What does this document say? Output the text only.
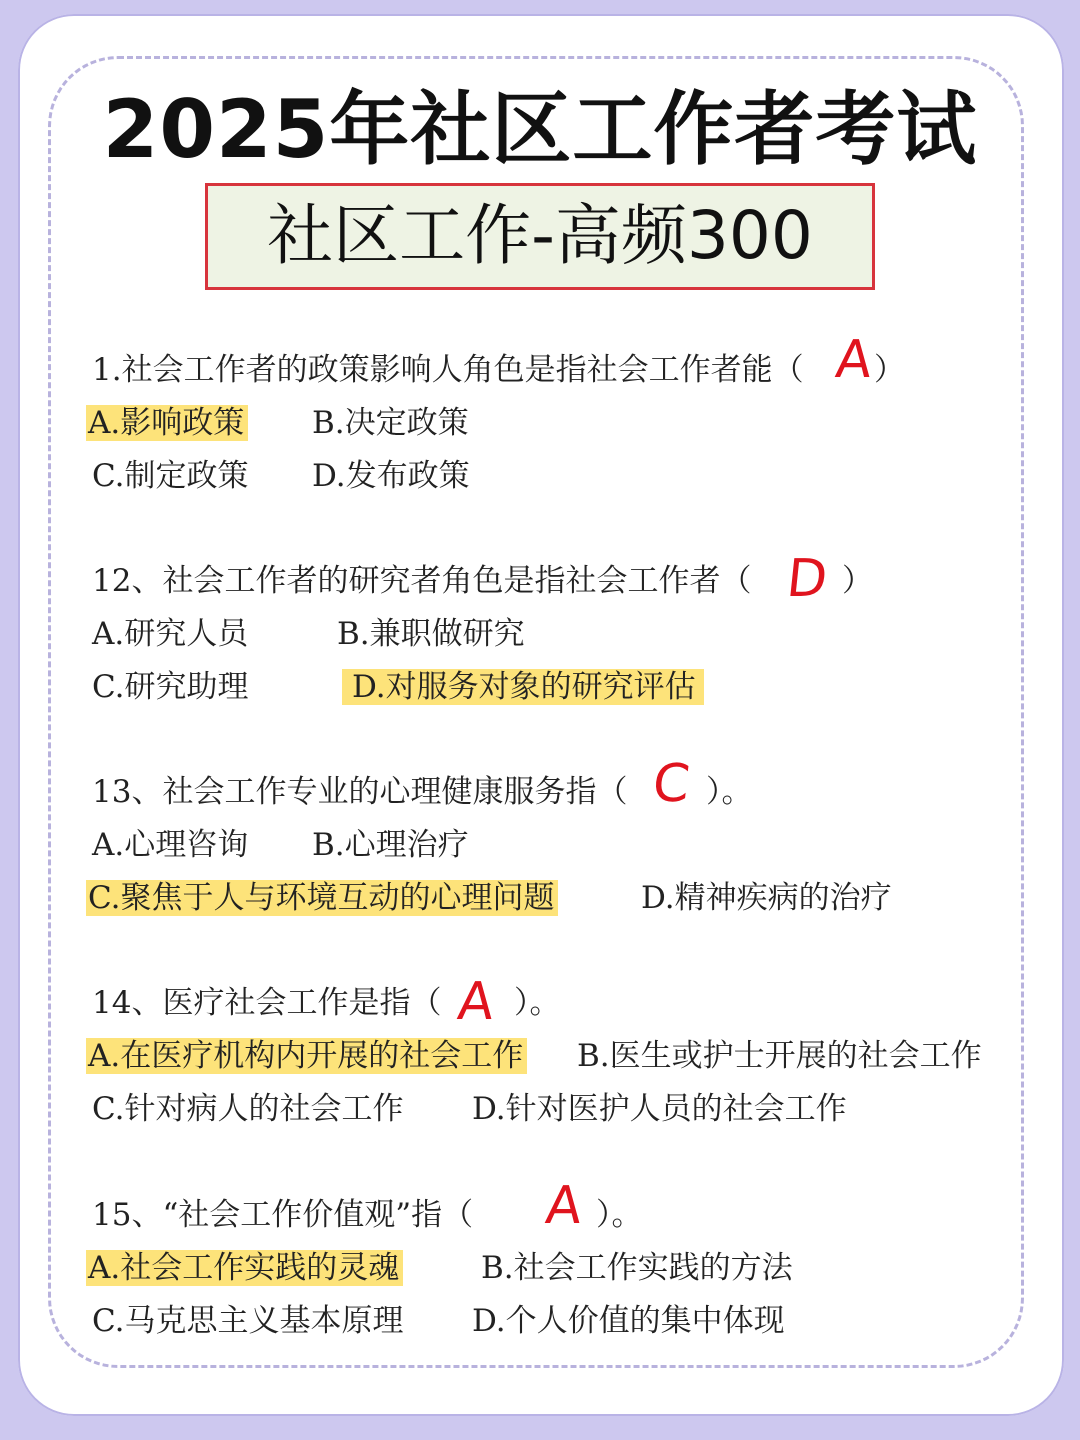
2025年社区工作者考试
社区工作-高频300
1.社会工作者的政策影响人角色是指社会工作者能（ A ）
A.影响政策 B.决定政策
C.制定政策 D.发布政策
12、社会工作者的研究者角色是指社会工作者（ D ）
A.研究人员	B.兼职做研究
C.研究助理	D.对服务对象的研究评估
13、社会工作专业的心理健康服务指（ C ）。
A.心理咨询 B.心理治疗
C.聚焦于人与环境互动的心理问题	D.精神疾病的治疗
14、医疗社会工作是指（ A ）。
A.在医疗机构内开展的社会工作 B.医生或护士开展的社会工作
C.针对病人的社会工作 D.针对医护人员的社会工作
15、“社会工作价值观”指（ A ）。
A.社会工作实践的灵魂	B.社会工作实践的方法
C.马克思主义基本原理 D.个人价值的集中体现
